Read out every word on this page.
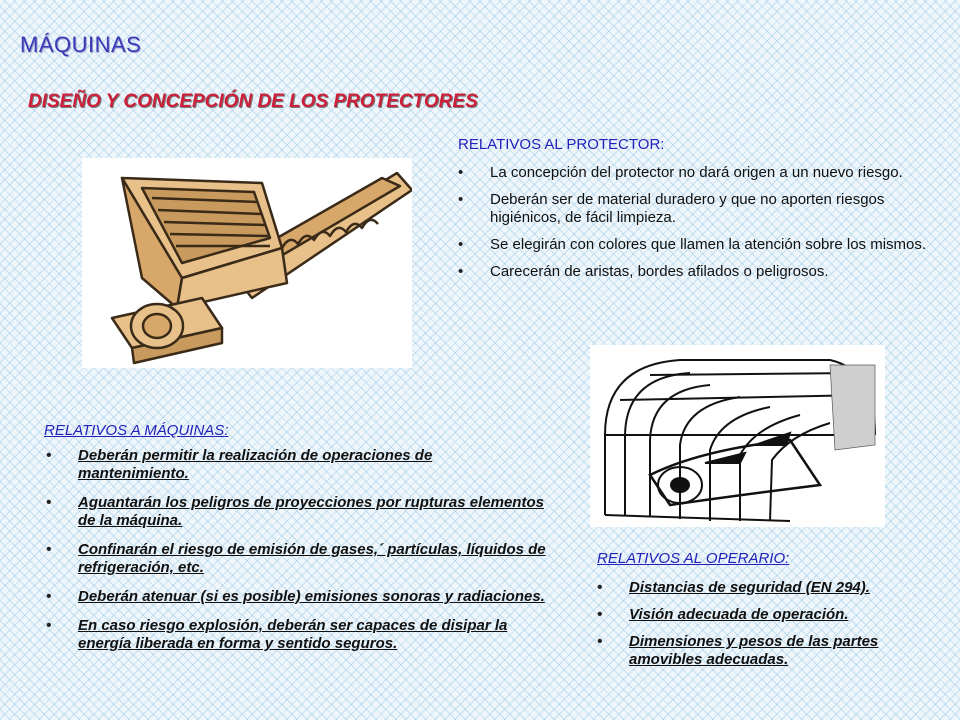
MÁQUINAS
DISEÑO Y CONCEPCIÓN DE LOS PROTECTORES
RELATIVOS AL PROTECTOR:
• La concepción del protector no dará origen a un nuevo riesgo.
• Deberán ser de material duradero y que no aporten riesgos higiénicos, de fácil limpieza.
• Se elegirán con colores que llamen la atención sobre los mismos.
• Carecerán de aristas, bordes afilados o peligrosos.
RELATIVOS A MÁQUINAS:
• Deberán permitir la realización de operaciones de mantenimiento.
• Aguantarán los peligros de proyecciones por rupturas elementos de la máquina.
• Confinarán el riesgo de emisión de gases,´ partículas, líquidos de refrigeración, etc.
• Deberán atenuar (si es posible) emisiones sonoras y radiaciones.
• En caso riesgo explosión, deberán ser capaces de disipar la energía liberada en forma y sentido seguros.
RELATIVOS AL OPERARIO:
• Distancias de seguridad (EN 294).
• Visión adecuada de operación.
• Dimensiones y pesos de las partes amovibles adecuadas.
